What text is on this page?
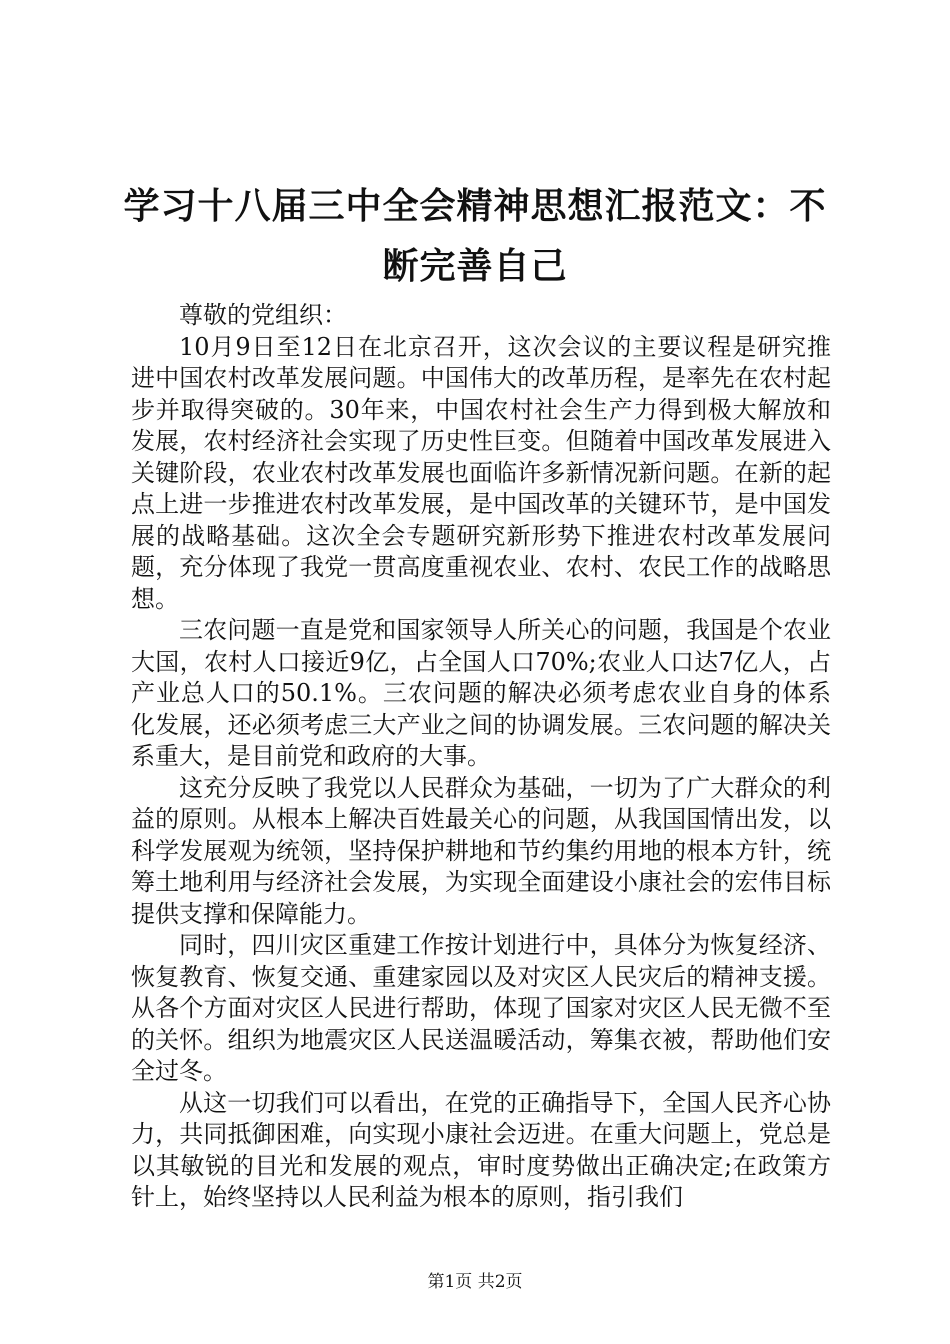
学习十八届三中全会精神思想汇报范文：不断完善自己

尊敬的党组织：

10月9日至12日在北京召开，这次会议的主要议程是研究推进中国农村改革发展问题。中国伟大的改革历程，是率先在农村起步并取得突破的。30年来，中国农村社会生产力得到极大解放和发展，农村经济社会实现了历史性巨变。但随着中国改革发展进入关键阶段，农业农村改革发展也面临许多新情况新问题。在新的起点上进一步推进农村改革发展，是中国改革的关键环节，是中国发展的战略基础。这次全会专题研究新形势下推进农村改革发展问题，充分体现了我党一贯高度重视农业、农村、农民工作的战略思想。

三农问题一直是党和国家领导人所关心的问题，我国是个农业大国，农村人口接近9亿，占全国人口70%;农业人口达7亿人，占产业总人口的50.1%。三农问题的解决必须考虑农业自身的体系化发展，还必须考虑三大产业之间的协调发展。三农问题的解决关系重大，是目前党和政府的大事。

这充分反映了我党以人民群众为基础，一切为了广大群众的利益的原则。从根本上解决百姓最关心的问题，从我国国情出发，以科学发展观为统领，坚持保护耕地和节约集约用地的根本方针，统筹土地利用与经济社会发展，为实现全面建设小康社会的宏伟目标提供支撑和保障能力。

同时，四川灾区重建工作按计划进行中，具体分为恢复经济、恢复教育、恢复交通、重建家园以及对灾区人民灾后的精神支援。从各个方面对灾区人民进行帮助，体现了国家对灾区人民无微不至的关怀。组织为地震灾区人民送温暖活动，筹集衣被，帮助他们安全过冬。

从这一切我们可以看出，在党的正确指导下，全国人民齐心协力，共同抵御困难，向实现小康社会迈进。在重大问题上，党总是以其敏锐的目光和发展的观点，审时度势做出正确决定;在政策方针上，始终坚持以人民利益为根本的原则，指引我们

第1页 共2页
